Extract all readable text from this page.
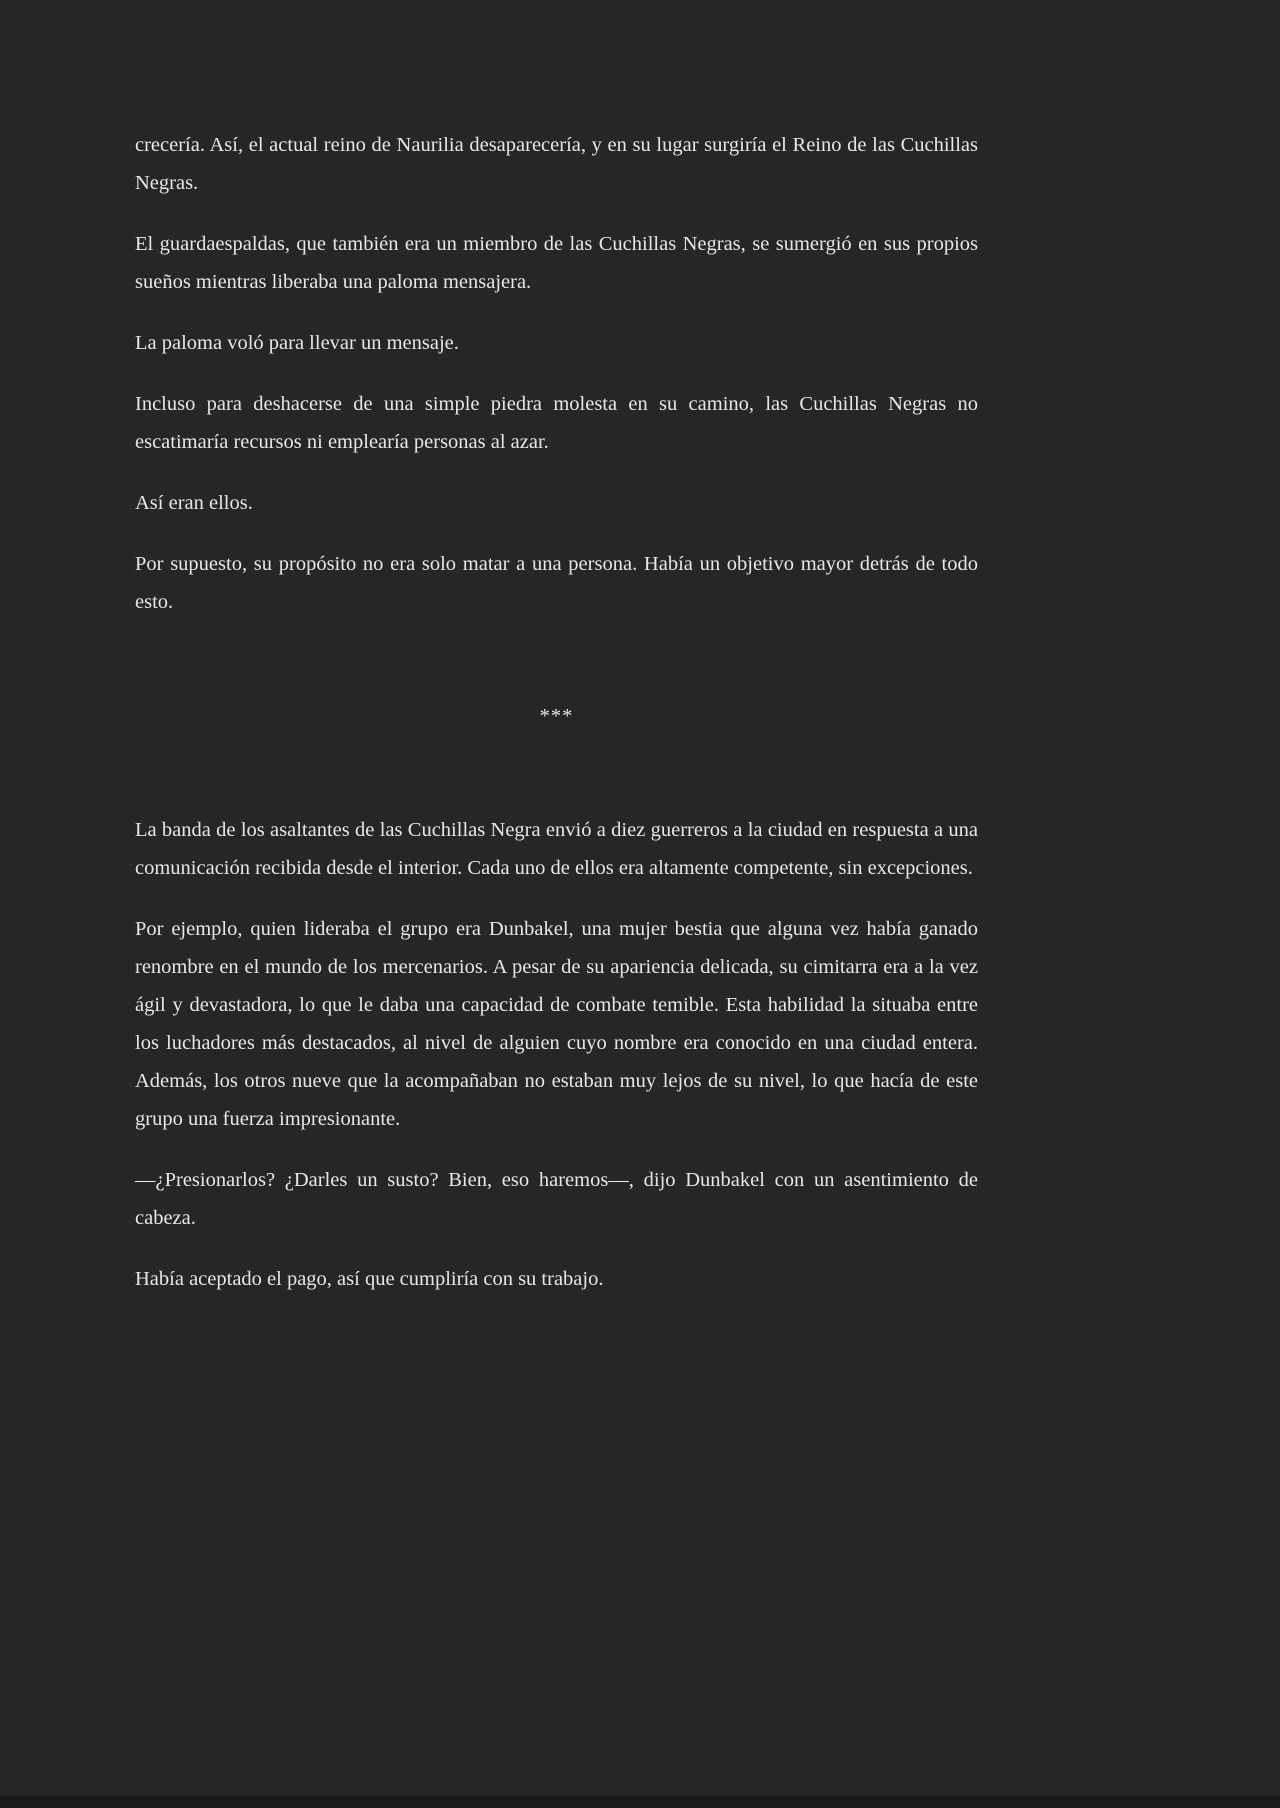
crecería. Así, el actual reino de Naurilia desaparecería, y en su lugar surgiría el Reino de las Cuchillas Negras.

El guardaespaldas, que también era un miembro de las Cuchillas Negras, se sumergió en sus propios sueños mientras liberaba una paloma mensajera.

La paloma voló para llevar un mensaje.

Incluso para deshacerse de una simple piedra molesta en su camino, las Cuchillas Negras no escatimaría recursos ni emplearía personas al azar.

Así eran ellos.

Por supuesto, su propósito no era solo matar a una persona. Había un objetivo mayor detrás de todo esto.

***

La banda de los asaltantes de las Cuchillas Negra envió a diez guerreros a la ciudad en respuesta a una comunicación recibida desde el interior. Cada uno de ellos era altamente competente, sin excepciones.

Por ejemplo, quien lideraba el grupo era Dunbakel, una mujer bestia que alguna vez había ganado renombre en el mundo de los mercenarios. A pesar de su apariencia delicada, su cimitarra era a la vez ágil y devastadora, lo que le daba una capacidad de combate temible. Esta habilidad la situaba entre los luchadores más destacados, al nivel de alguien cuyo nombre era conocido en una ciudad entera. Además, los otros nueve que la acompañaban no estaban muy lejos de su nivel, lo que hacía de este grupo una fuerza impresionante.

—¿Presionarlos? ¿Darles un susto? Bien, eso haremos—, dijo Dunbakel con un asentimiento de cabeza.

Había aceptado el pago, así que cumpliría con su trabajo.
